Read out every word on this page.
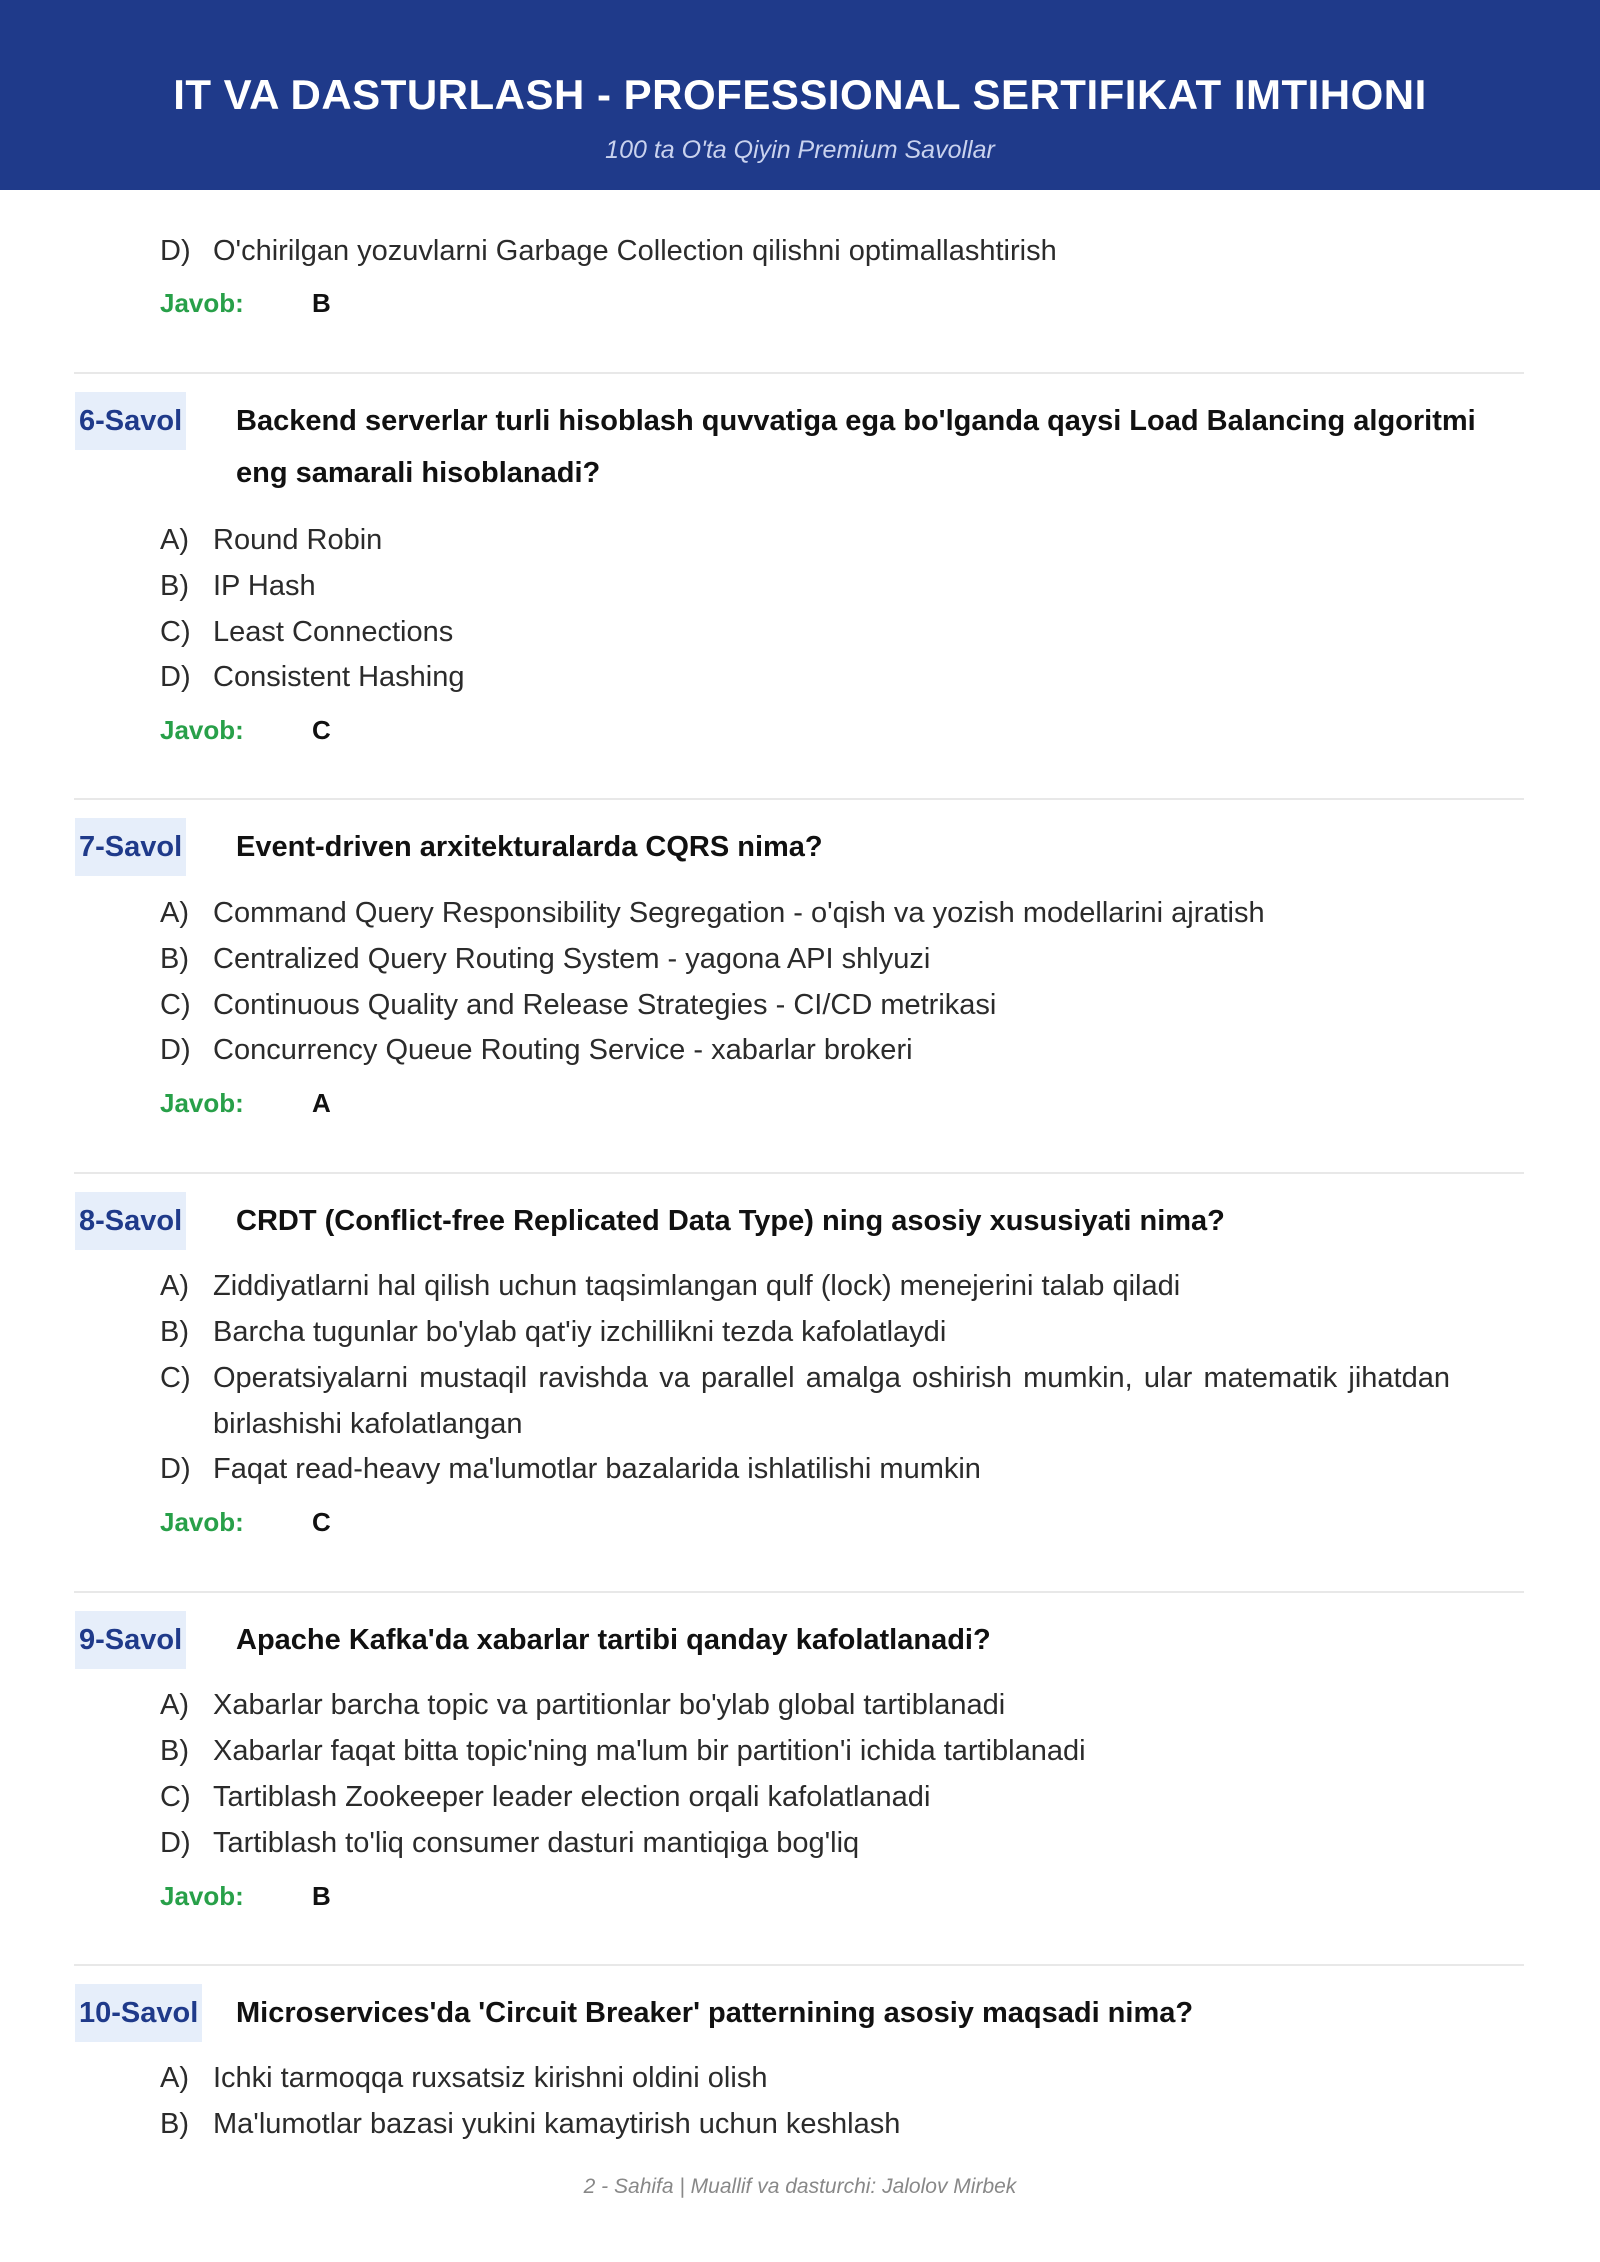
IT VA DASTURLASH - PROFESSIONAL SERTIFIKAT IMTIHONI
100 ta O'ta Qiyin Premium Savollar
D) O'chirilgan yozuvlarni Garbage Collection qilishni optimallashtirish
Javob:	B
6-Savol Backend serverlar turli hisoblash quvvatiga ega bo'lganda qaysi Load Balancing algoritmi eng samarali hisoblanadi?
A) Round Robin
B) IP Hash
C) Least Connections
D) Consistent Hashing
Javob:	C
7-Savol Event-driven arxitekturalarda CQRS nima?
A) Command Query Responsibility Segregation - o'qish va yozish modellarini ajratish
B) Centralized Query Routing System - yagona API shlyuzi
C) Continuous Quality and Release Strategies - CI/CD metrikasi
D) Concurrency Queue Routing Service - xabarlar brokeri
Javob:	A
8-Savol CRDT (Conflict-free Replicated Data Type) ning asosiy xususiyati nima?
A) Ziddiyatlarni hal qilish uchun taqsimlangan qulf (lock) menejerini talab qiladi
B) Barcha tugunlar bo'ylab qat'iy izchillikni tezda kafolatlaydi
C) Operatsiyalarni mustaqil ravishda va parallel amalga oshirish mumkin, ular matematik jihatdan birlashishi kafolatlangan
D) Faqat read-heavy ma'lumotlar bazalarida ishlatilishi mumkin
Javob:	C
9-Savol Apache Kafka'da xabarlar tartibi qanday kafolatlanadi?
A) Xabarlar barcha topic va partitionlar bo'ylab global tartiblanadi
B) Xabarlar faqat bitta topic'ning ma'lum bir partition'i ichida tartiblanadi
C) Tartiblash Zookeeper leader election orqali kafolatlanadi
D) Tartiblash to'liq consumer dasturi mantiqiga bog'liq
Javob:	B
10-Savol Microservices'da 'Circuit Breaker' patternining asosiy maqsadi nima?
A) Ichki tarmoqqa ruxsatsiz kirishni oldini olish
B) Ma'lumotlar bazasi yukini kamaytirish uchun keshlash
2 - Sahifa | Muallif va dasturchi: Jalolov Mirbek
